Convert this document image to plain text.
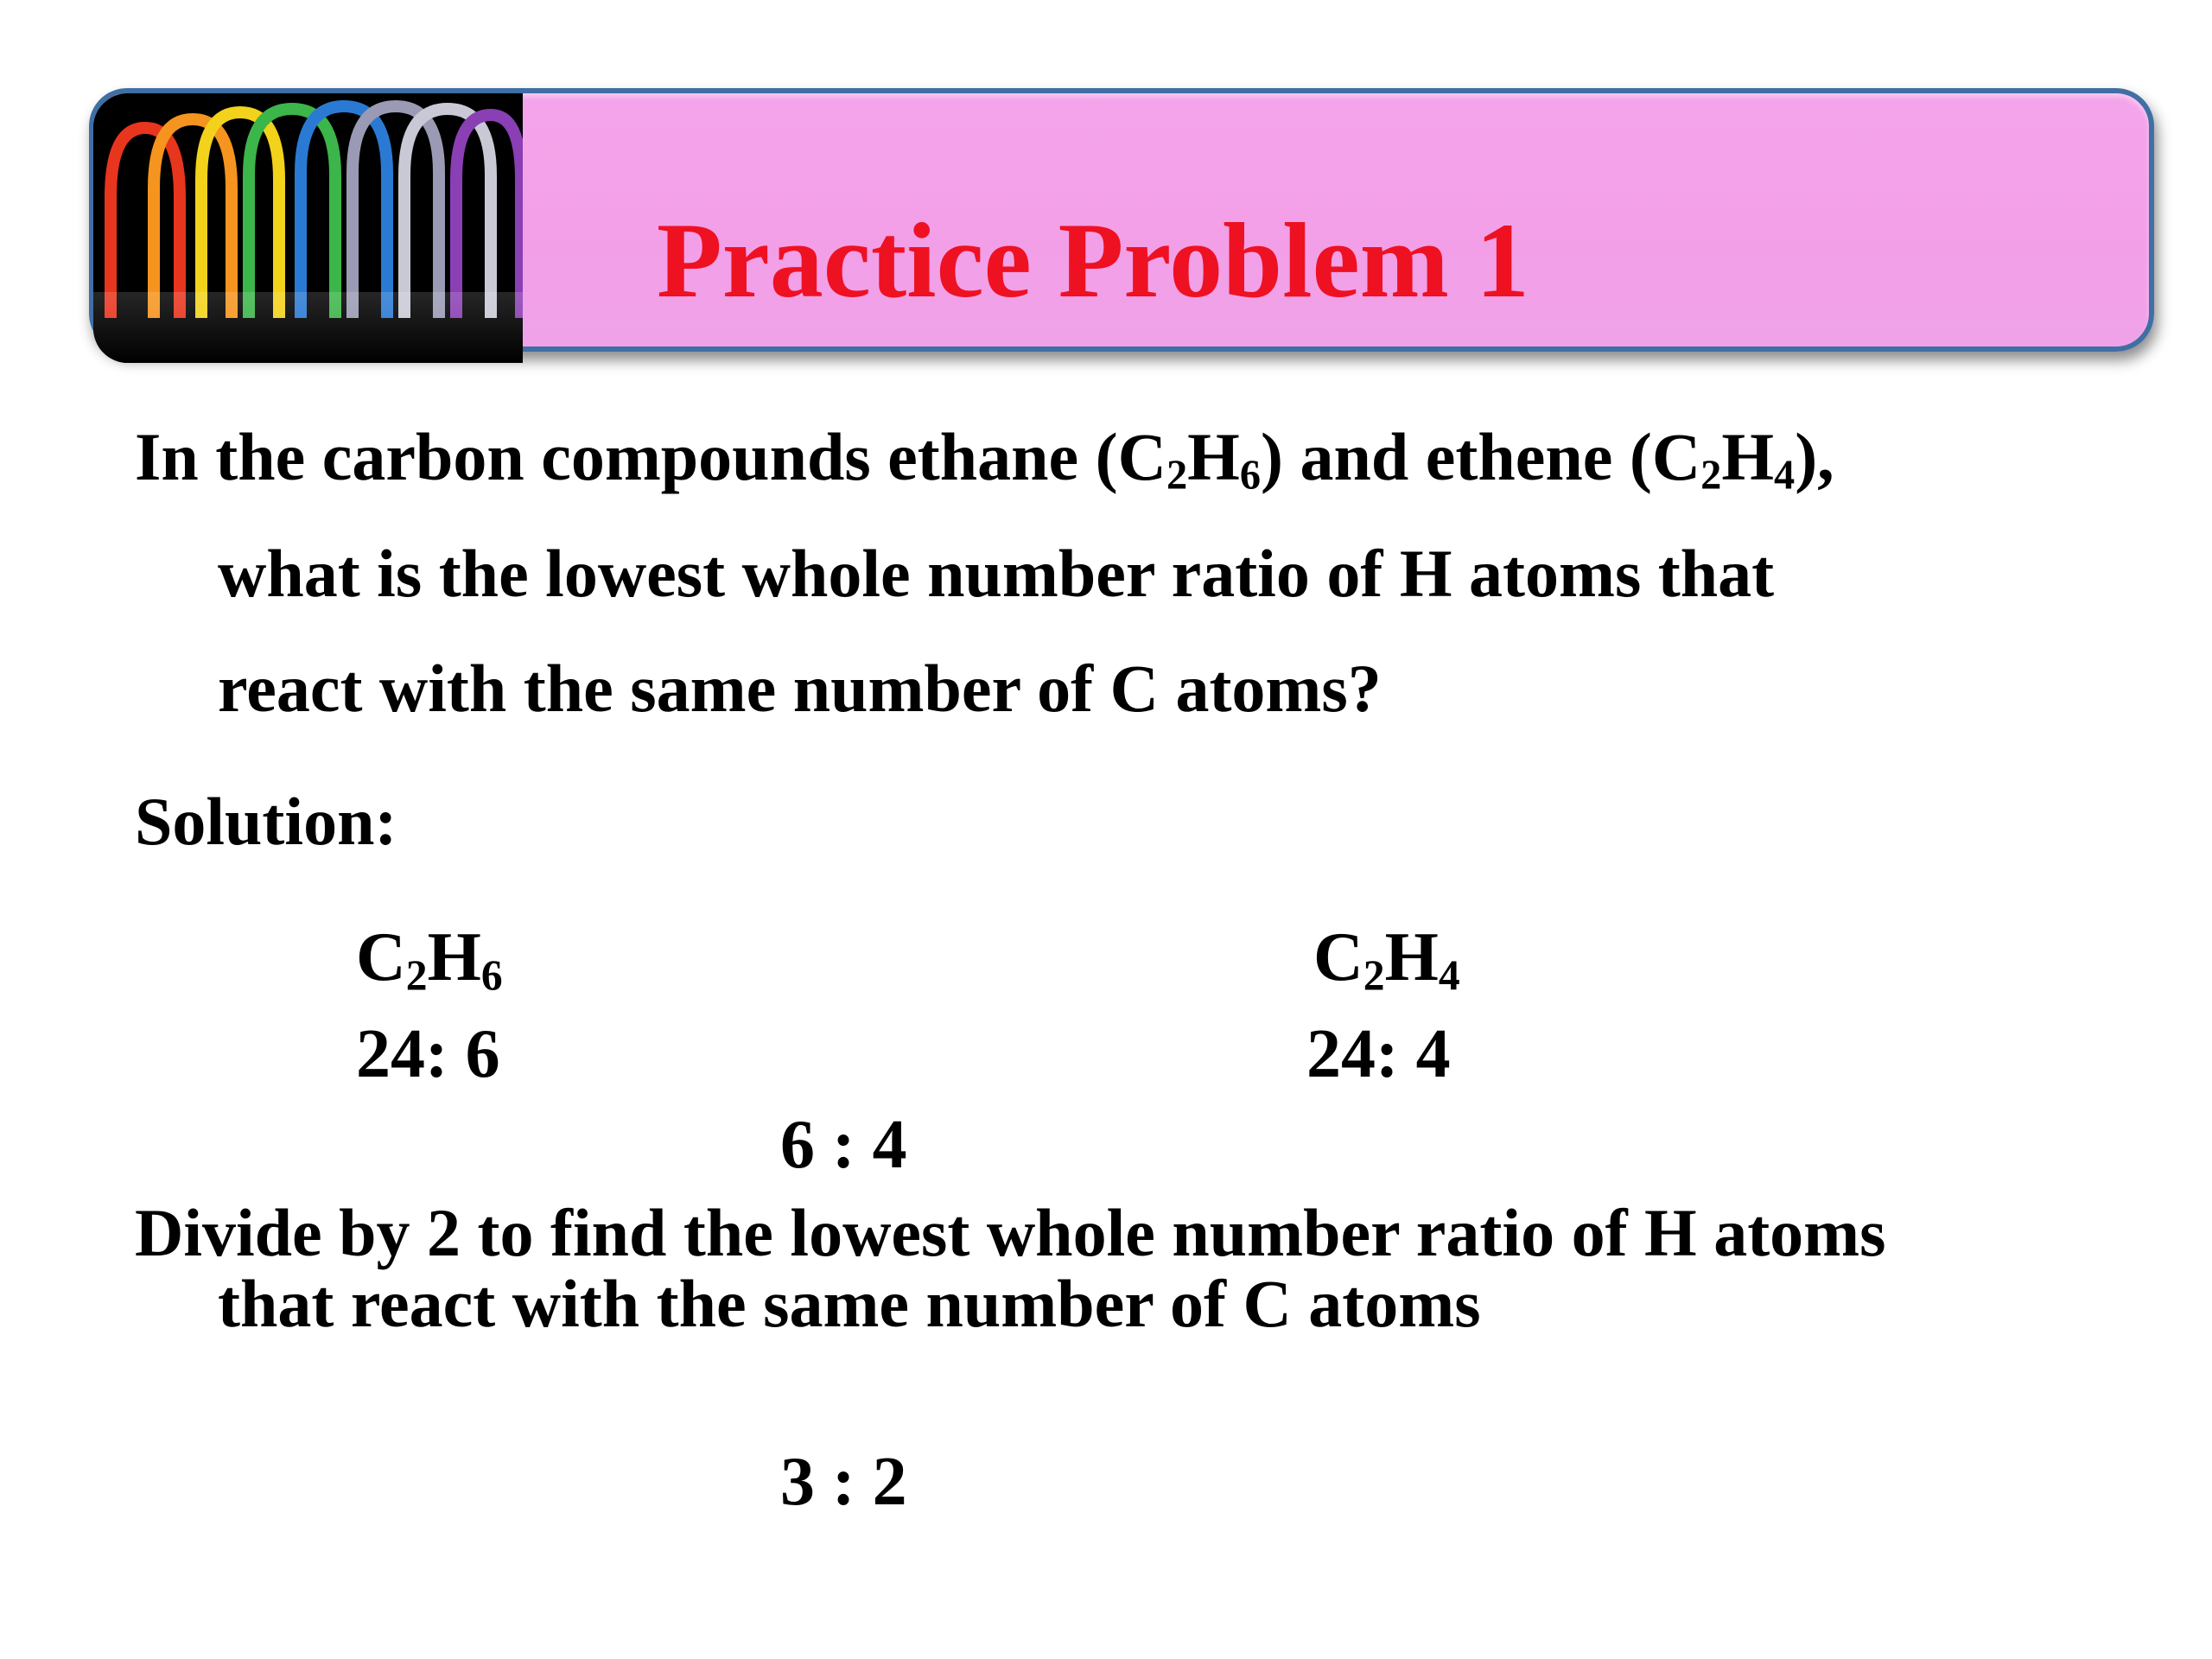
Practice Problem 1
In the carbon compounds ethane $(C_2H_6)$ and ethene $(C_2H_4)$,
what is the lowest whole number ratio of H atoms that
react with the same number of C atoms?
Solution:
$C_2H_6$	$C_2H_4$
24: 6	24: 4
6 : 4
Divide by 2 to find the lowest whole number ratio of H atoms
that react with the same number of C atoms
3 : 2
